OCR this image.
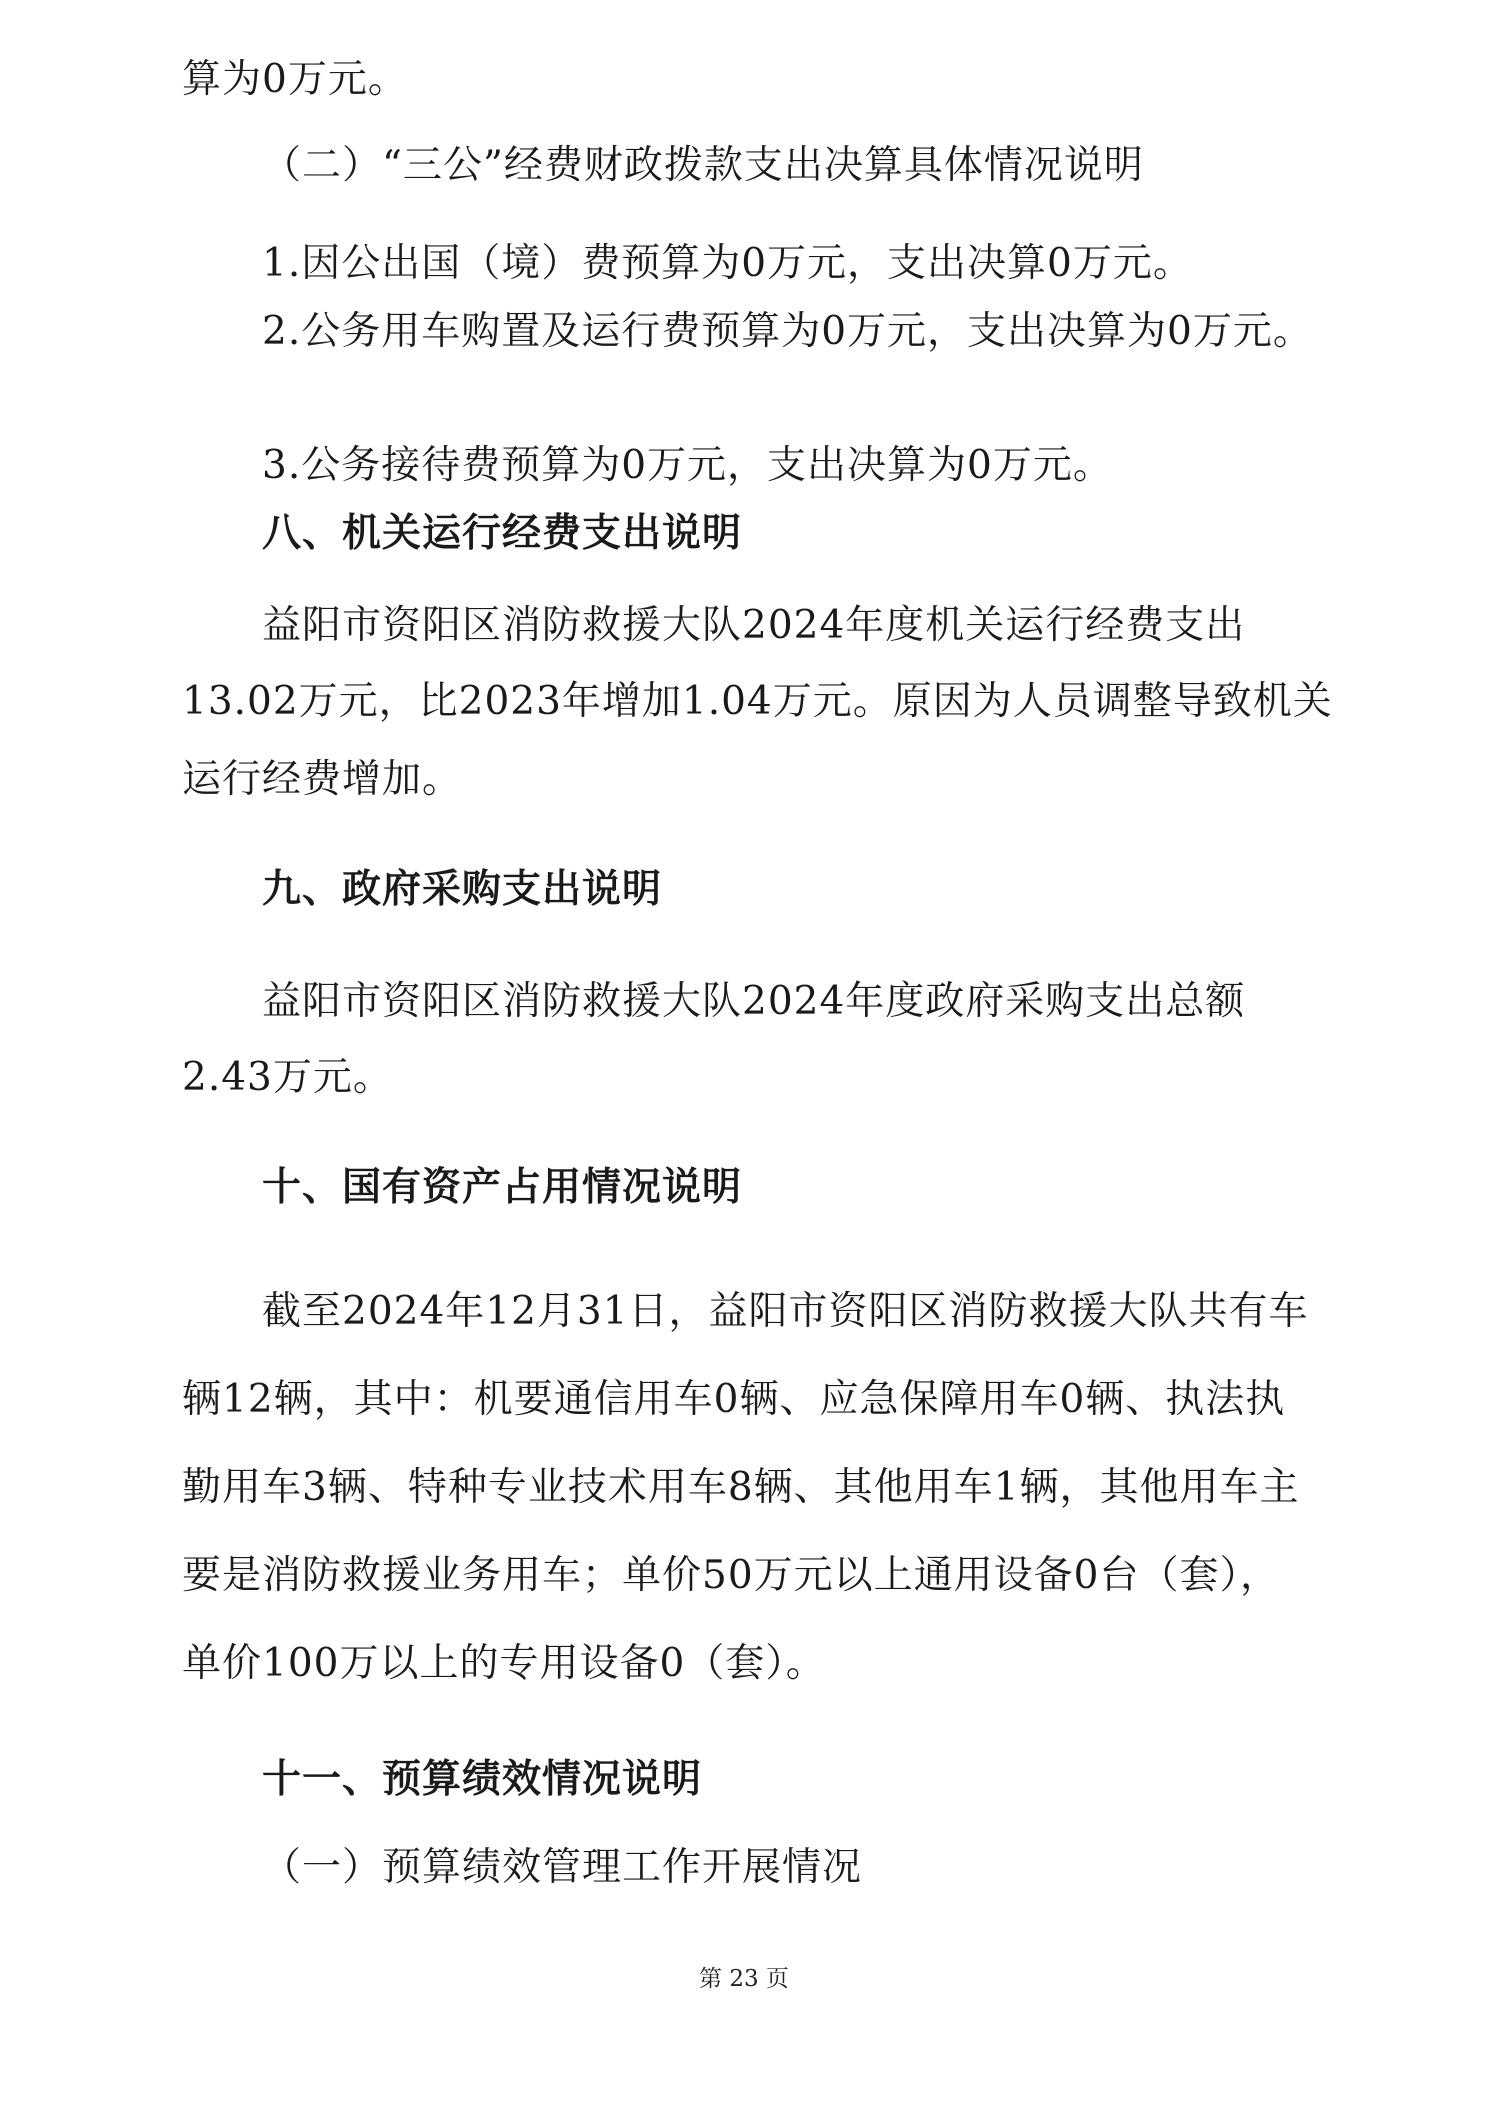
算为0万元。
（二）“三公”经费财政拨款支出决算具体情况说明
1.因公出国（境）费预算为0万元，支出决算0万元。
2.公务用车购置及运行费预算为0万元，支出决算为0万元。
3.公务接待费预算为0万元，支出决算为0万元。
八、机关运行经费支出说明
益阳市资阳区消防救援大队2024年度机关运行经费支出
13.02万元，比2023年增加1.04万元。原因为人员调整导致机关
运行经费增加。
九、政府采购支出说明
益阳市资阳区消防救援大队2024年度政府采购支出总额
2.43万元。
十、国有资产占用情况说明
截至2024年12月31日，益阳市资阳区消防救援大队共有车
辆12辆，其中：机要通信用车0辆、应急保障用车0辆、执法执
勤用车3辆、特种专业技术用车8辆、其他用车1辆，其他用车主
要是消防救援业务用车；单价50万元以上通用设备0台（套），
单价100万以上的专用设备0（套）。
十一、预算绩效情况说明
（一）预算绩效管理工作开展情况
第 23 页
